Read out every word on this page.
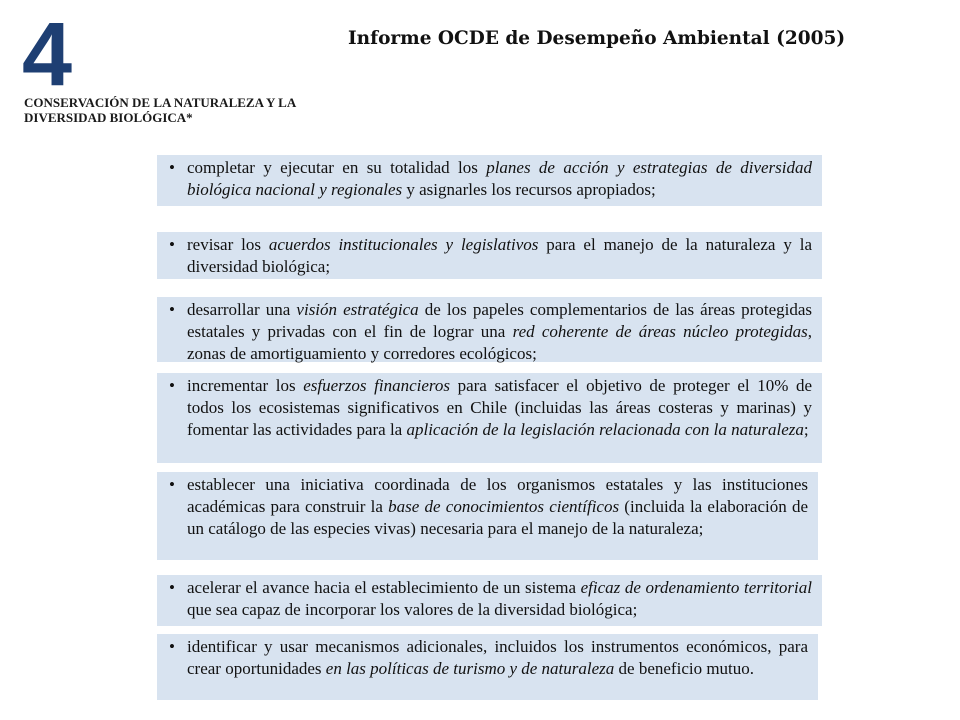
4
CONSERVACIÓN DE LA NATURALEZA Y LA DIVERSIDAD BIOLÓGICA*
Informe OCDE de Desempeño Ambiental (2005)
• completar y ejecutar en su totalidad los planes de acción y estrategias de diversidad biológica nacional y regionales y asignarles los recursos apropiados;
• revisar los acuerdos institucionales y legislativos para el manejo de la naturaleza y la diversidad biológica;
• desarrollar una visión estratégica de los papeles complementarios de las áreas protegidas estatales y privadas con el fin de lograr una red coherente de áreas núcleo protegidas, zonas de amortiguamiento y corredores ecológicos;
• incrementar los esfuerzos financieros para satisfacer el objetivo de proteger el 10% de todos los ecosistemas significativos en Chile (incluidas las áreas costeras y marinas) y fomentar las actividades para la aplicación de la legislación relacionada con la naturaleza;
• establecer una iniciativa coordinada de los organismos estatales y las instituciones académicas para construir la base de conocimientos científicos (incluida la elaboración de un catálogo de las especies vivas) necesaria para el manejo de la naturaleza;
• acelerar el avance hacia el establecimiento de un sistema eficaz de ordenamiento territorial que sea capaz de incorporar los valores de la diversidad biológica;
• identificar y usar mecanismos adicionales, incluidos los instrumentos económicos, para crear oportunidades en las políticas de turismo y de naturaleza de beneficio mutuo.
